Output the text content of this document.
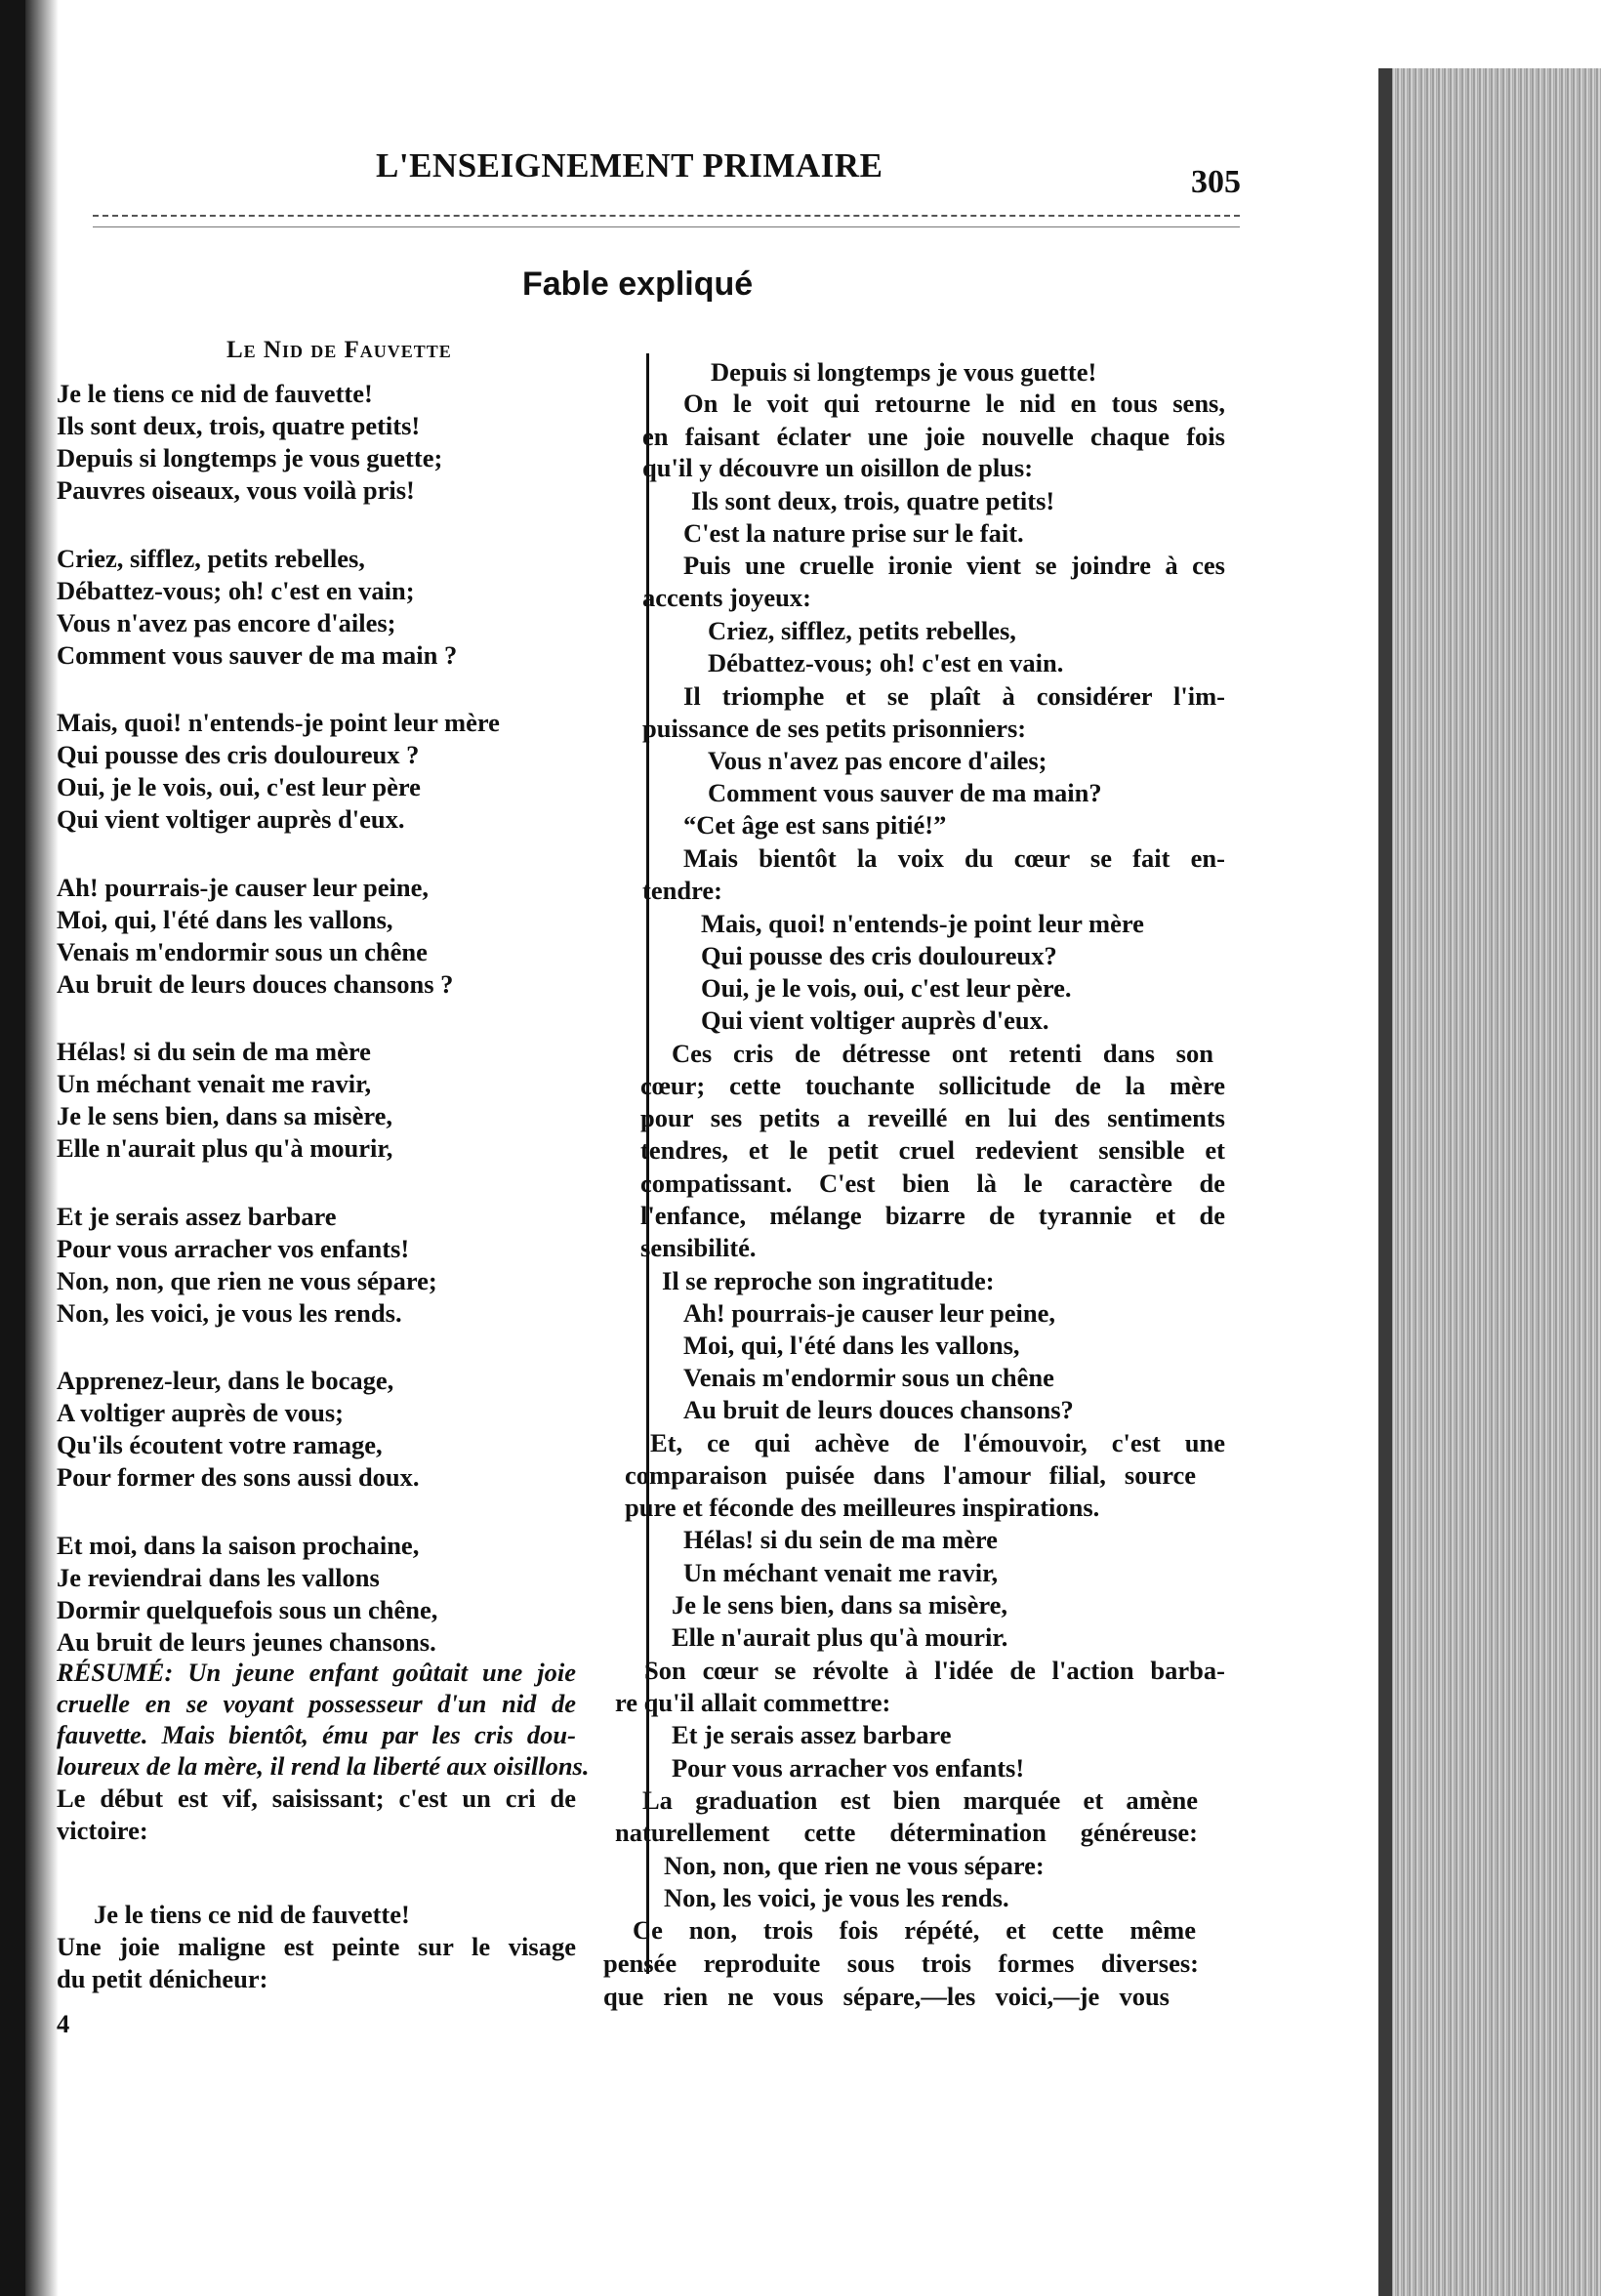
L'ENSEIGNEMENT PRIMAIRE	305
Fable expliqué
Le Nid de Fauvette
Je le tiens ce nid de fauvette!
Ils sont deux, trois, quatre petits!
Depuis si longtemps je vous guette;
Pauvres oiseaux, vous voilà pris!
Criez, sifflez, petits rebelles,
Débattez-vous; oh! c'est en vain;
Vous n'avez pas encore d'ailes;
Comment vous sauver de ma main ?
Mais, quoi! n'entends-je point leur mère
Qui pousse des cris douloureux ?
Oui, je le vois, oui, c'est leur père
Qui vient voltiger auprès d'eux.
Ah! pourrais-je causer leur peine,
Moi, qui, l'été dans les vallons,
Venais m'endormir sous un chêne
Au bruit de leurs douces chansons ?
Hélas! si du sein de ma mère
Un méchant venait me ravir,
Je le sens bien, dans sa misère,
Elle n'aurait plus qu'à mourir,
Et je serais assez barbare
Pour vous arracher vos enfants!
Non, non, que rien ne vous sépare;
Non, les voici, je vous les rends.
Apprenez-leur, dans le bocage,
A voltiger auprès de vous;
Qu'ils écoutent votre ramage,
Pour former des sons aussi doux.
Et moi, dans la saison prochaine,
Je reviendrai dans les vallons
Dormir quelquefois sous un chêne,
Au bruit de leurs jeunes chansons.
RÉSUMÉ: Un jeune enfant goûtait une joie
cruelle en se voyant possesseur d'un nid de
fauvette. Mais bientôt, ému par les cris dou-
loureux de la mère, il rend la liberté aux oisillons.
Le début est vif, saisissant; c'est un cri de
victoire:
Je le tiens ce nid de fauvette!
Une joie maligne est peinte sur le visage
du petit dénicheur:
4
Depuis si longtemps je vous guette!
On le voit qui retourne le nid en tous sens,
en faisant éclater une joie nouvelle chaque fois
qu'il y découvre un oisillon de plus:
Ils sont deux, trois, quatre petits!
C'est la nature prise sur le fait.
Puis une cruelle ironie vient se joindre à ces
accents joyeux:
Criez, sifflez, petits rebelles,
Débattez-vous; oh! c'est en vain.
Il triomphe et se plaît à considérer l'im-
puissance de ses petits prisonniers:
Vous n'avez pas encore d'ailes;
Comment vous sauver de ma main?
“Cet âge est sans pitié!”
Mais bientôt la voix du cœur se fait en-
tendre:
Mais, quoi! n'entends-je point leur mère
Qui pousse des cris douloureux?
Oui, je le vois, oui, c'est leur père.
Qui vient voltiger auprès d'eux.
Ces cris de détresse ont retenti dans son
cœur; cette touchante sollicitude de la mère
pour ses petits a reveillé en lui des sentiments
tendres, et le petit cruel redevient sensible et
compatissant. C'est bien là le caractère de
l'enfance, mélange bizarre de tyrannie et de
sensibilité.
Il se reproche son ingratitude:
Ah! pourrais-je causer leur peine,
Moi, qui, l'été dans les vallons,
Venais m'endormir sous un chêne
Au bruit de leurs douces chansons?
Et, ce qui achève de l'émouvoir, c'est une
comparaison puisée dans l'amour filial, source
pure et féconde des meilleures inspirations.
Hélas! si du sein de ma mère
Un méchant venait me ravir,
Je le sens bien, dans sa misère,
Elle n'aurait plus qu'à mourir.
Son cœur se révolte à l'idée de l'action barba-
re qu'il allait commettre:
Et je serais assez barbare
Pour vous arracher vos enfants!
La graduation est bien marquée et amène
naturellement cette détermination généreuse:
Non, non, que rien ne vous sépare:
Non, les voici, je vous les rends.
Ce non, trois fois répété, et cette même
pensée reproduite sous trois formes diverses:
que rien ne vous sépare,—les voici,—je vous
